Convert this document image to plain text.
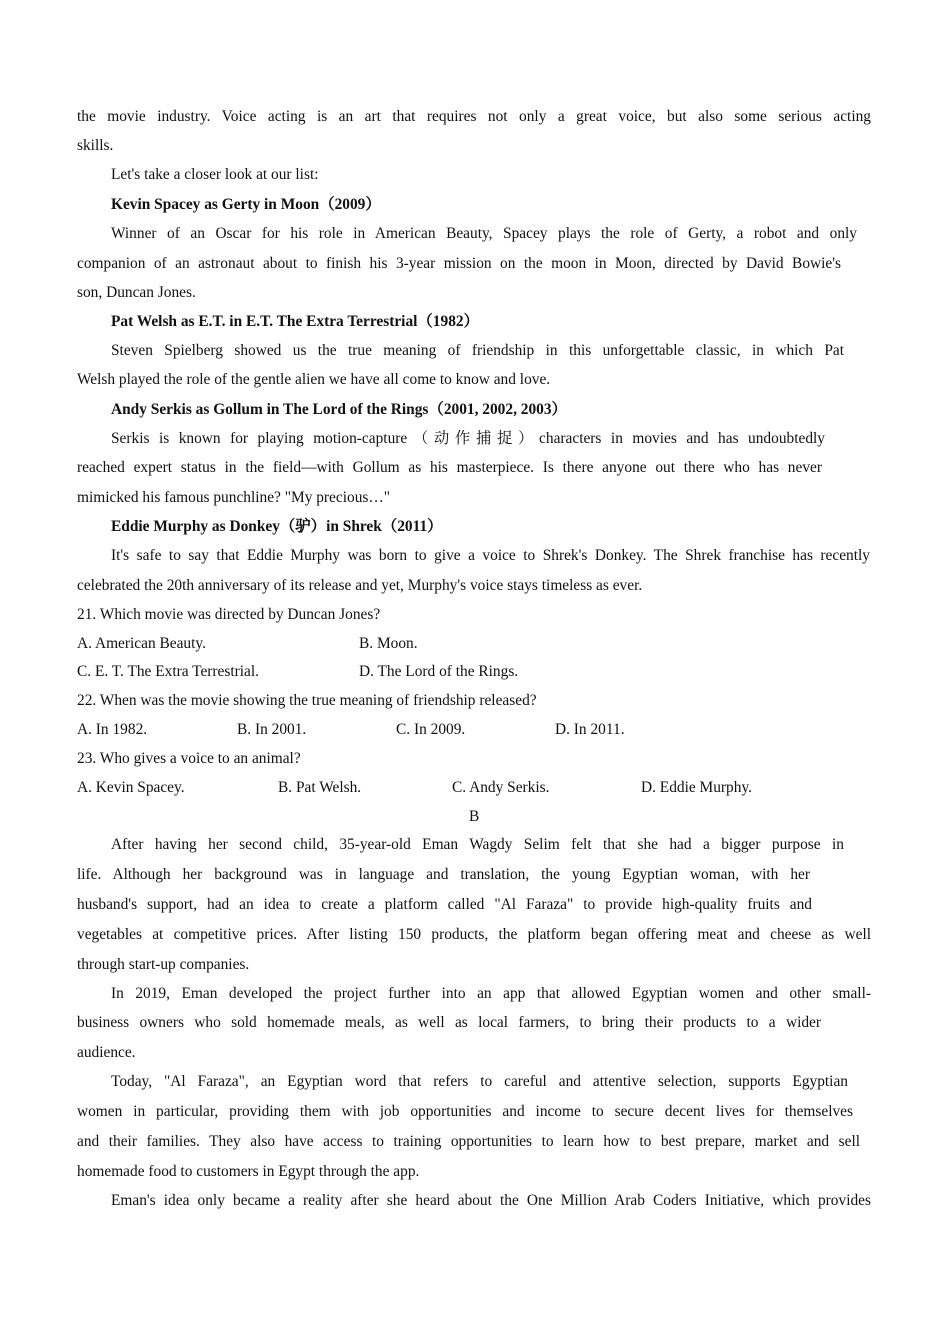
the movie industry. Voice acting is an art that requires not only a great voice, but also some serious acting
skills.
Let's take a closer look at our list:
Kevin Spacey as Gerty in Moon（2009）
Winner of an Oscar for his role in American Beauty, Spacey plays the role of Gerty, a robot and only
companion of an astronaut about to finish his 3-year mission on the moon in Moon, directed by David Bowie's
son, Duncan Jones.
Pat Welsh as E.T. in E.T. The Extra Terrestrial（1982）
Steven Spielberg showed us the true meaning of friendship in this unforgettable classic, in which Pat
Welsh played the role of the gentle alien we have all come to know and love.
Andy Serkis as Gollum in The Lord of the Rings（2001, 2002, 2003）
Serkis is known for playing motion-capture（动作捕捉）characters in movies and has undoubtedly
reached expert status in the field—with Gollum as his masterpiece. Is there anyone out there who has never
mimicked his famous punchline? "My precious…"
Eddie Murphy as Donkey（驴）in Shrek（2011）
It's safe to say that Eddie Murphy was born to give a voice to Shrek's Donkey. The Shrek franchise has recently
celebrated the 20th anniversary of its release and yet, Murphy's voice stays timeless as ever.
21. Which movie was directed by Duncan Jones?
A. American Beauty.	B. Moon.
C. E. T. The Extra Terrestrial.	D. The Lord of the Rings.
22. When was the movie showing the true meaning of friendship released?
A. In 1982.	B. In 2001.	C. In 2009.	D. In 2011.
23. Who gives a voice to an animal?
A. Kevin Spacey.	B. Pat Welsh.	C. Andy Serkis.	D. Eddie Murphy.
B
After having her second child, 35-year-old Eman Wagdy Selim felt that she had a bigger purpose in
life. Although her background was in language and translation, the young Egyptian woman, with her
husband's support, had an idea to create a platform called "Al Faraza" to provide high-quality fruits and
vegetables at competitive prices. After listing 150 products, the platform began offering meat and cheese as well
through start-up companies.
In 2019, Eman developed the project further into an app that allowed Egyptian women and other small-
business owners who sold homemade meals, as well as local farmers, to bring their products to a wider
audience.
Today, "Al Faraza", an Egyptian word that refers to careful and attentive selection, supports Egyptian
women in particular, providing them with job opportunities and income to secure decent lives for themselves
and their families. They also have access to training opportunities to learn how to best prepare, market and sell
homemade food to customers in Egypt through the app.
Eman's idea only became a reality after she heard about the One Million Arab Coders Initiative, which provides
